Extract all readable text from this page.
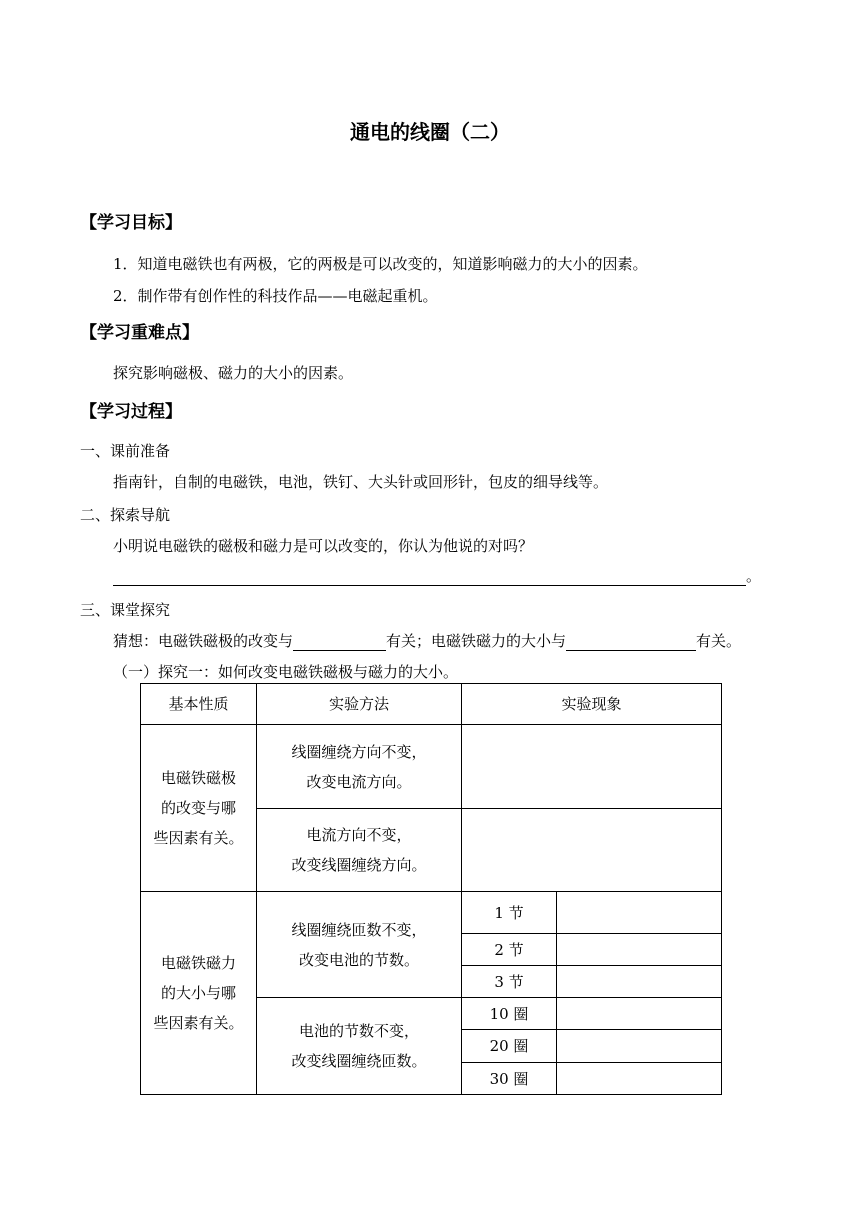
通电的线圈（二）
【学习目标】
1．知道电磁铁也有两极，它的两极是可以改变的，知道影响磁力的大小的因素。
2．制作带有创作性的科技作品——电磁起重机。
【学习重难点】
探究影响磁极、磁力的大小的因素。
【学习过程】
一、课前准备
指南针，自制的电磁铁，电池，铁钉、大头针或回形针，包皮的细导线等。
二、探索导航
小明说电磁铁的磁极和磁力是可以改变的，你认为他说的对吗？
。
三、课堂探究
猜想：电磁铁磁极的改变与	有关；电磁铁磁力的大小与	有关。
（一）探究一：如何改变电磁铁磁极与磁力的大小。
基本性质	实验方法	实验现象	

电磁铁磁极
的改变与哪
些因素有关。	线圈缠绕方向不变，
改变电流方向。		

	电流方向不变，
改变线圈缠绕方向。		

电磁铁磁力
的大小与哪
些因素有关。	线圈缠绕匝数不变，
改变电池的节数。	1 节	
		2 节	
		3 节	

	电池的节数不变，
改变线圈缠绕匝数。	10 圈	
		20 圈	
		30 圈	
